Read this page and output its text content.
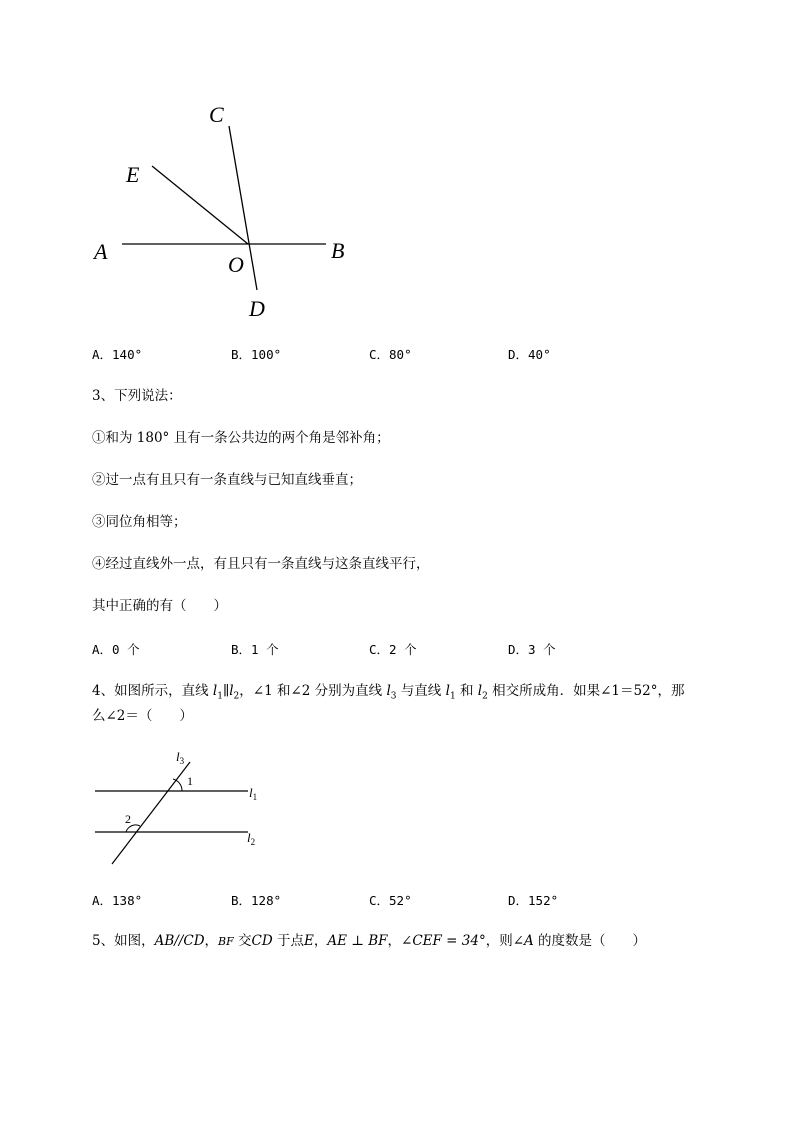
C
E
A	B
O
D
A．140°	B．100°	C．80°	D．40°
3、下列说法：
①和为 180° 且有一条公共边的两个角是邻补角；
②过一点有且只有一条直线与已知直线垂直；
③同位角相等；
④经过直线外一点，有且只有一条直线与这条直线平行，
其中正确的有（　　）
A．0 个	B．1 个	C．2 个	D．3 个
4、如图所示，直线 $l_1\parallel l_2$，∠1 和∠2 分别为直线 $l_3$ 与直线 $l_1$ 和 $l_2$ 相交所成角．如果∠1＝52°，那
么∠2＝（　　）
$l_3$
1
$l_1$
2
$l_2$
A．138°	B．128°	C．52°	D．152°
5、如图，AB//CD，BF 交CD 于点E，AE ⊥ BF，∠CEF = 34°，则∠A 的度数是（　　）
